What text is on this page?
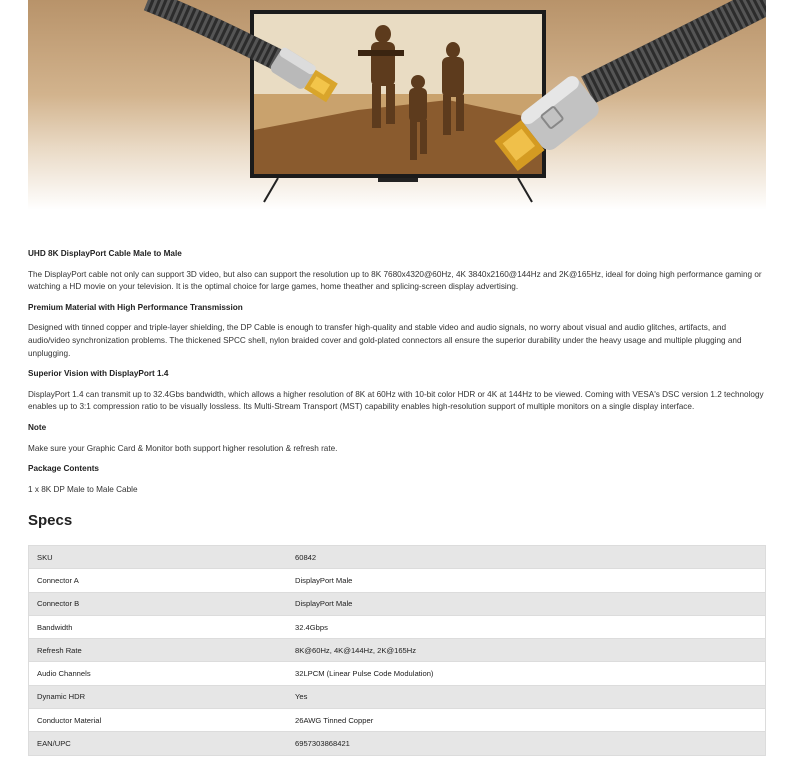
UHD 8K DisplayPort Cable Male to Male

The DisplayPort cable not only can support 3D video, but also can support the resolution up to 8K 7680x4320@60Hz, 4K 3840x2160@144Hz and 2K@165Hz, ideal for doing high performance gaming or watching a HD movie on your television. It is the optimal choice for large games, home theather and splicing-screen display advertising.

Premium Material with High Performance Transmission

Designed with tinned copper and triple-layer shielding, the DP Cable is enough to transfer high-quality and stable video and audio signals, no worry about visual and audio glitches, artifacts, and audio/video synchronization problems. The thickened SPCC shell, nylon braided cover and gold-plated connectors all ensure the superior durability under the heavy usage and multiple plugging and unplugging.

Superior Vision with DisplayPort 1.4

DisplayPort 1.4 can transmit up to 32.4Gbs bandwidth, which allows a higher resolution of 8K at 60Hz with 10-bit color HDR or 4K at 144Hz to be viewed. Coming with VESA's DSC version 1.2 technology enables up to 3:1 compression ratio to be visually lossless. Its Multi-Stream Transport (MST) capability enables high-resolution support of multiple monitors on a single display interface.

Note

Make sure your Graphic Card & Monitor both support higher resolution & refresh rate.

Package Contents

1 x 8K DP Male to Male Cable

Specs
SKU	60842
Connector A	DisplayPort Male
Connector B	DisplayPort Male
Bandwidth	32.4Gbps
Refresh Rate	8K@60Hz, 4K@144Hz, 2K@165Hz
Audio Channels	32LPCM (Linear Pulse Code Modulation)
Dynamic HDR	Yes
Conductor Material	26AWG Tinned Copper
EAN/UPC	6957303868421
